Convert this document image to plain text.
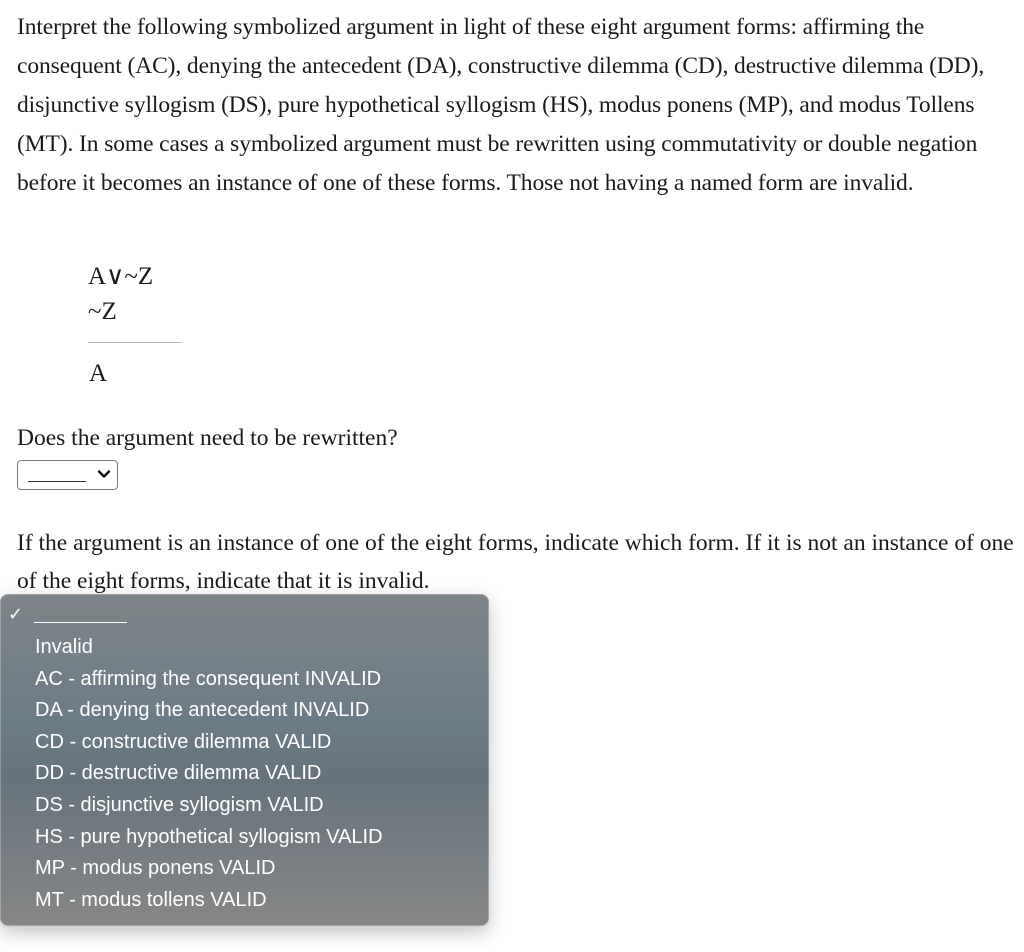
Interpret the following symbolized argument in light of these eight argument forms: affirming the consequent (AC), denying the antecedent (DA), constructive dilemma (CD), destructive dilemma (DD), disjunctive syllogism (DS), pure hypothetical syllogism (HS), modus ponens (MP), and modus Tollens (MT). In some cases a symbolized argument must be rewritten using commutativity or double negation before it becomes an instance of one of these forms. Those not having a named form are invalid.

A∨~Z
~Z
A

Does the argument need to be rewritten?

If the argument is an instance of one of the eight forms, indicate which form. If it is not an instance of one of the eight forms, indicate that it is invalid.

✓
Invalid
AC - affirming the consequent INVALID
DA - denying the antecedent INVALID
CD - constructive dilemma VALID
DD - destructive dilemma VALID
DS - disjunctive syllogism VALID
HS - pure hypothetical syllogism VALID
MP - modus ponens VALID
MT - modus tollens VALID
